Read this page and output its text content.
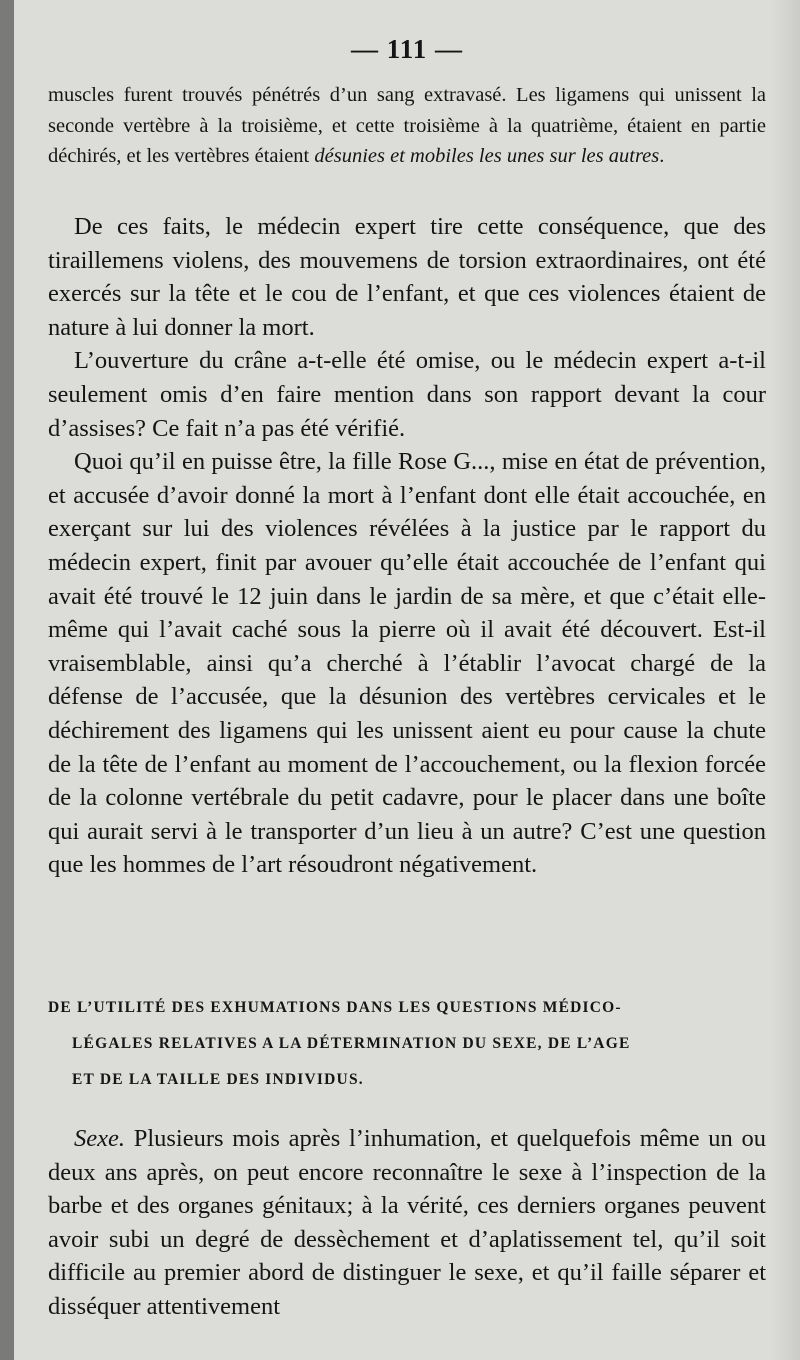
— 111 —

muscles furent trouvés pénétrés d’un sang extravasé. Les ligamens qui unissent la seconde vertèbre à la troisième, et cette troisième à la quatrième, étaient en partie déchirés, et les vertèbres étaient désunies et mobiles les unes sur les autres.

De ces faits, le médecin expert tire cette conséquence, que des tiraillemens violens, des mouvemens de torsion extraordinaires, ont été exercés sur la tête et le cou de l’enfant, et que ces violences étaient de nature à lui donner la mort.

L’ouverture du crâne a-t-elle été omise, ou le médecin expert a-t-il seulement omis d’en faire mention dans son rapport devant la cour d’assises? Ce fait n’a pas été vérifié.

Quoi qu’il en puisse être, la fille Rose G..., mise en état de prévention, et accusée d’avoir donné la mort à l’enfant dont elle était accouchée, en exerçant sur lui des violences révélées à la justice par le rapport du médecin expert, finit par avouer qu’elle était accouchée de l’enfant qui avait été trouvé le 12 juin dans le jardin de sa mère, et que c’était elle-même qui l’avait caché sous la pierre où il avait été découvert. Est-il vraisemblable, ainsi qu’a cherché à l’établir l’avocat chargé de la défense de l’accusée, que la désunion des vertèbres cervicales et le déchirement des ligamens qui les unissent aient eu pour cause la chute de la tête de l’enfant au moment de l’accouchement, ou la flexion forcée de la colonne vertébrale du petit cadavre, pour le placer dans une boîte qui aurait servi à le transporter d’un lieu à un autre? C’est une question que les hommes de l’art résoudront négativement.

DE L’UTILITÉ DES EXHUMATIONS DANS LES QUESTIONS MÉDICO-
LÉGALES RELATIVES A LA DÉTERMINATION DU SEXE, DE L’AGE
ET DE LA TAILLE DES INDIVIDUS.

Sexe. Plusieurs mois après l’inhumation, et quelquefois même un ou deux ans après, on peut encore reconnaître le sexe à l’inspection de la barbe et des organes génitaux; à la vérité, ces derniers organes peuvent avoir subi un degré de dessèchement et d’aplatissement tel, qu’il soit difficile au premier abord de distinguer le sexe, et qu’il faille séparer et disséquer attentivement
